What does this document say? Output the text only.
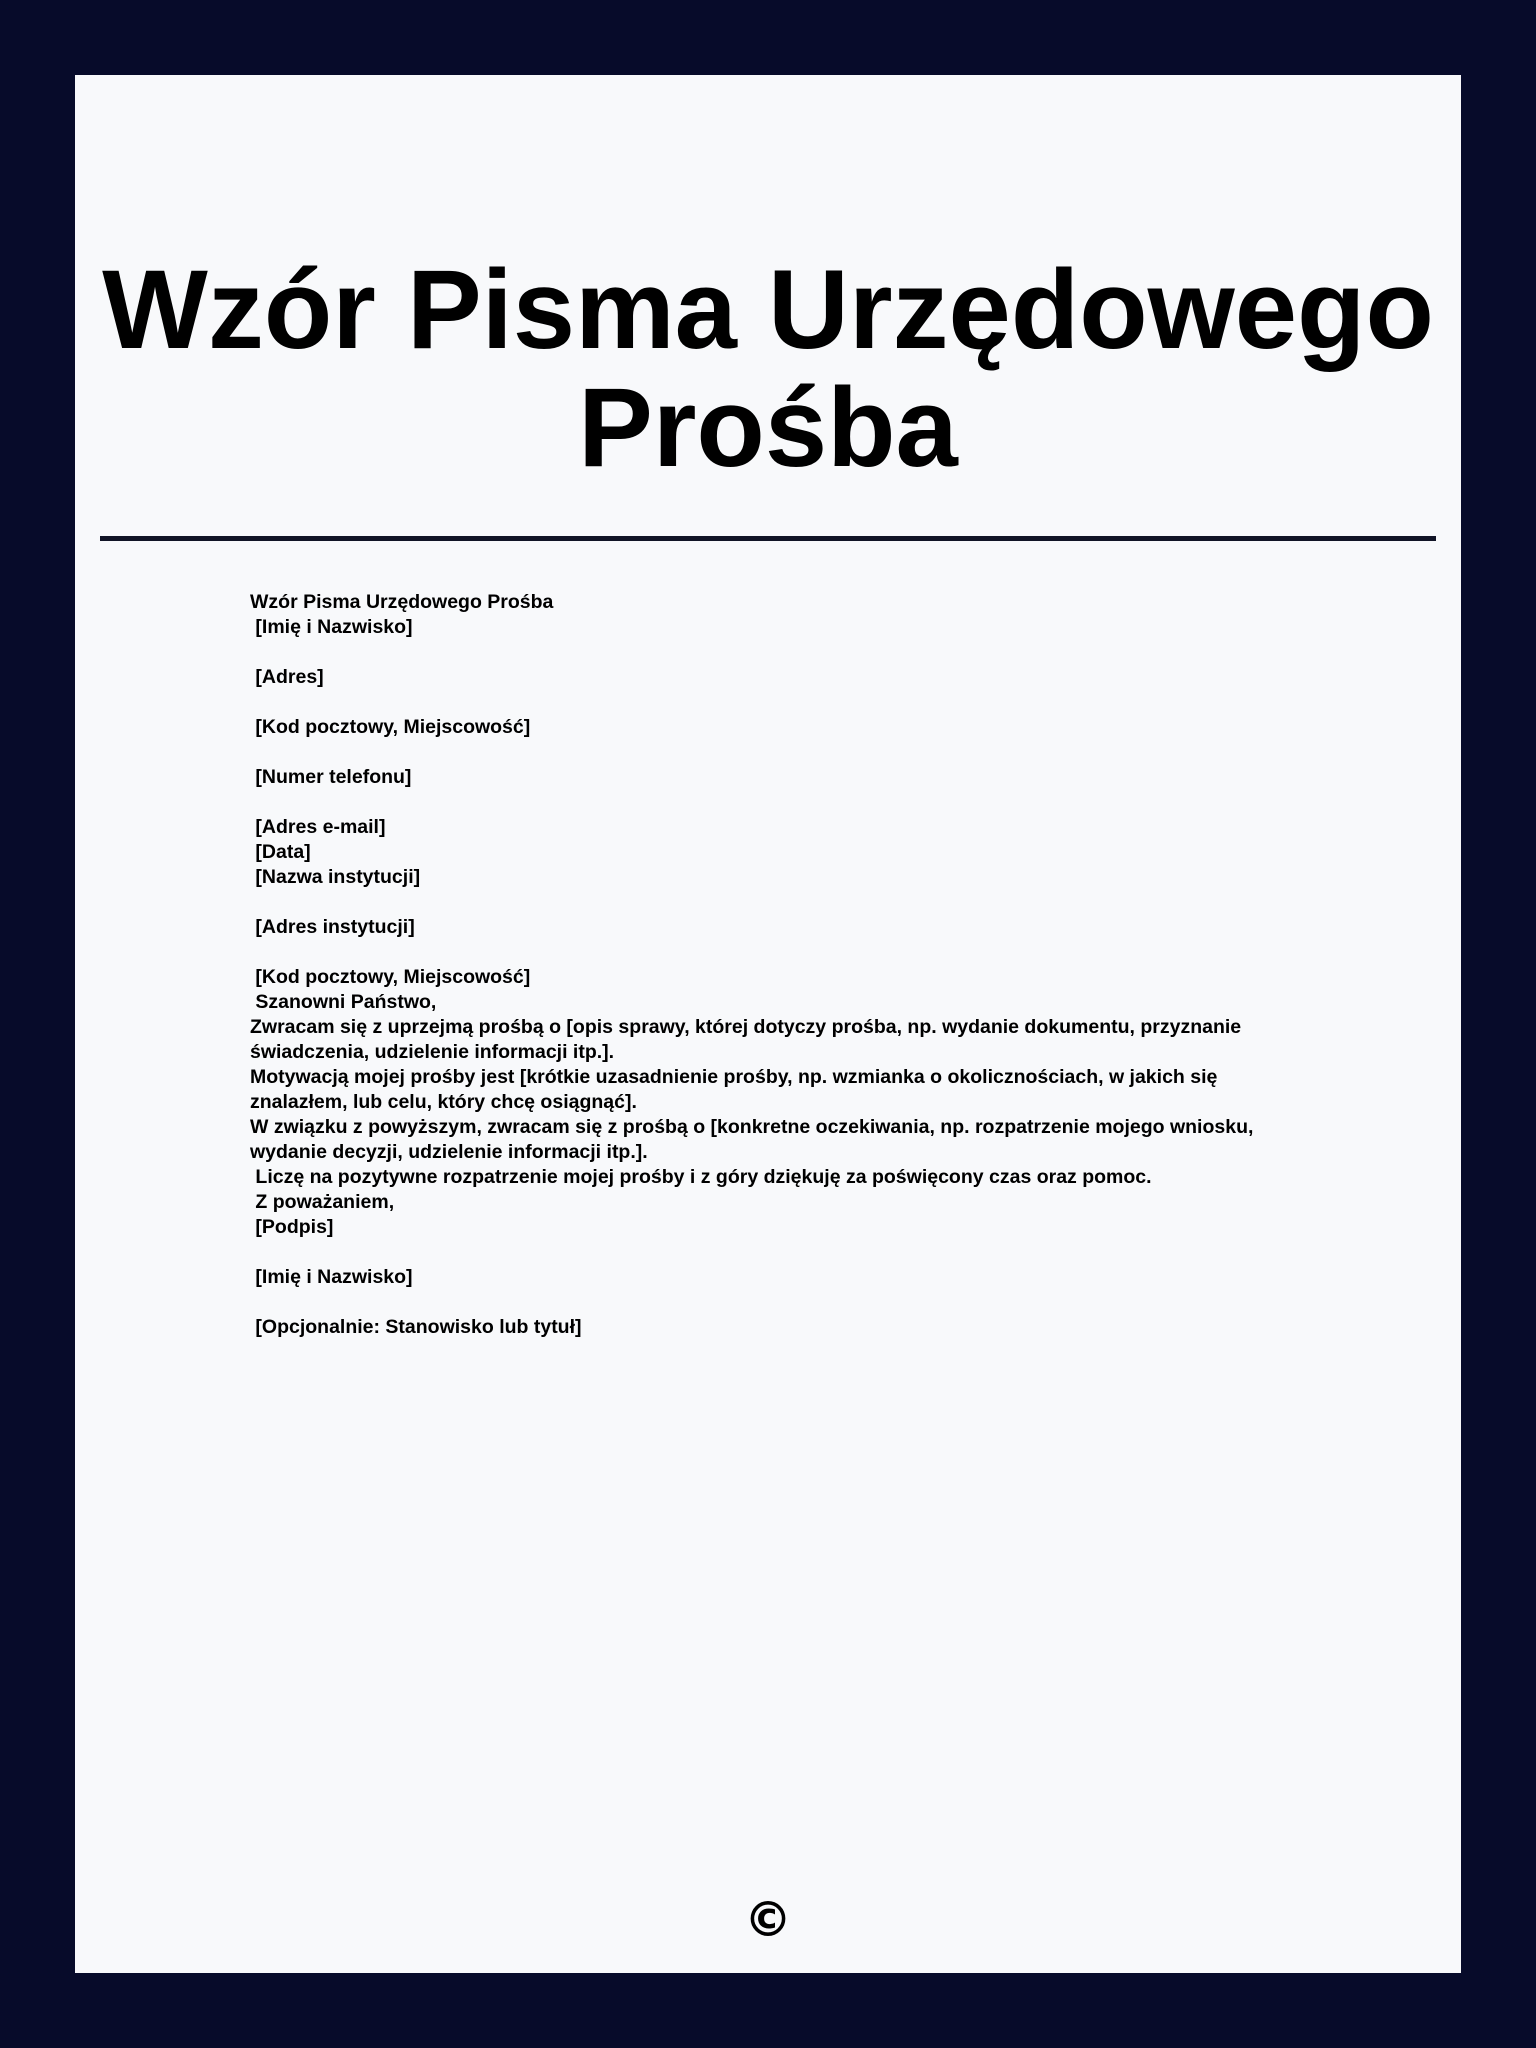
Wzór Pisma Urzędowego
Prośba
Wzór Pisma Urzędowego Prośba
[Imię i Nazwisko]
[Adres]
[Kod pocztowy, Miejscowość]
[Numer telefonu]
[Adres e-mail]
[Data]
[Nazwa instytucji]
[Adres instytucji]
[Kod pocztowy, Miejscowość]
Szanowni Państwo,
Zwracam się z uprzejmą prośbą o [opis sprawy, której dotyczy prośba, np. wydanie dokumentu, przyznanie świadczenia, udzielenie informacji itp.].
Motywacją mojej prośby jest [krótkie uzasadnienie prośby, np. wzmianka o okolicznościach, w jakich się znalazłem, lub celu, który chcę osiągnąć].
W związku z powyższym, zwracam się z prośbą o [konkretne oczekiwania, np. rozpatrzenie mojego wniosku, wydanie decyzji, udzielenie informacji itp.].
Liczę na pozytywne rozpatrzenie mojej prośby i z góry dziękuję za poświęcony czas oraz pomoc.
Z poważaniem,
[Podpis]
[Imię i Nazwisko]
[Opcjonalnie: Stanowisko lub tytuł]
©
